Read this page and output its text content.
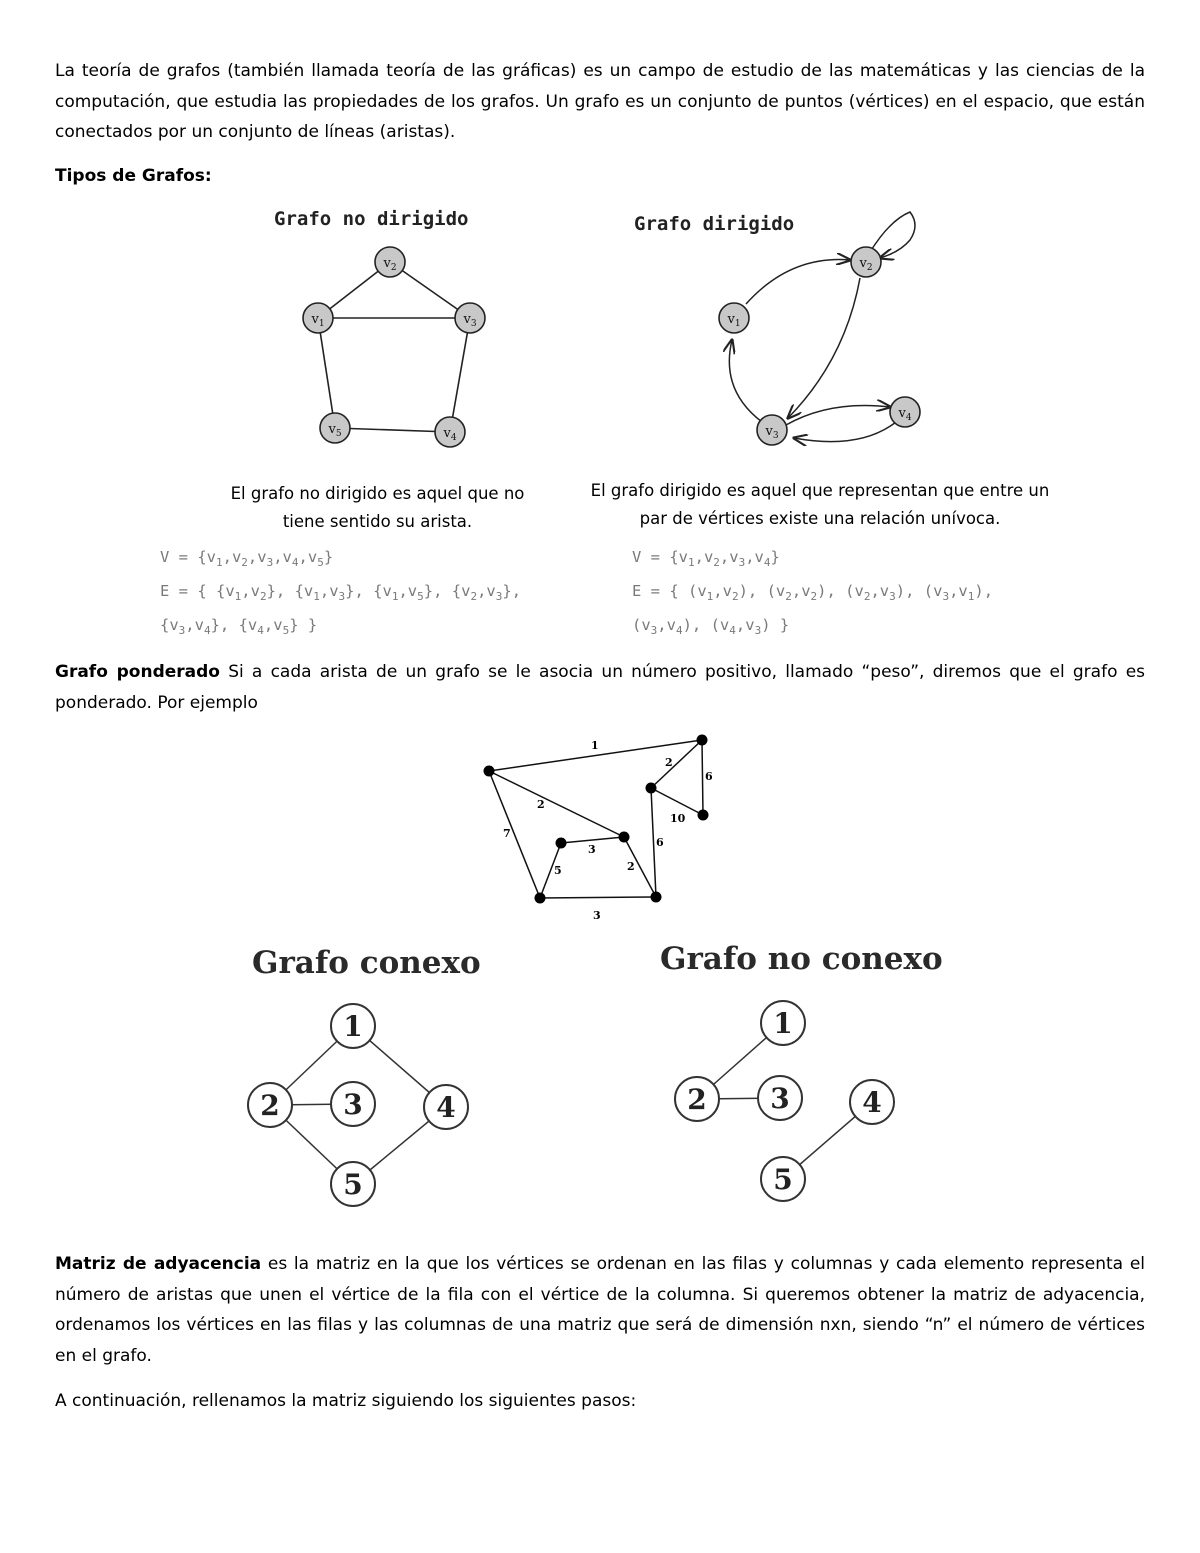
La teoría de grafos (también llamada teoría de las gráficas) es un campo de estudio de las matemáticas y las ciencias de la computación, que estudia las propiedades de los grafos. Un grafo es un conjunto de puntos (vértices) en el espacio, que están conectados por un conjunto de líneas (aristas).
Tipos de Grafos:
Grafo no dirigido
$v_1$
$v_2$
$v_3$
$v_4$
$v_5$
Grafo dirigido
$v_1$
$v_2$
$v_3$
$v_4$
El grafo no dirigido es aquel que no tiene sentido su arista.
El grafo dirigido es aquel que representan que entre un par de vértices existe una relación unívoca.
$V = \{v_1,v_2,v_3,v_4,v_5\}$
E = { $\{v_1,v_2\}$, $\{v_1,v_3\}$, $\{v_1,v_5\}$, $\{v_2,v_3\}$,
$\{v_3,v_4\}$, $\{v_4,v_5\}$ }
$V = \{v_1,v_2,v_3,v_4\}$
E = { $(v_1,v_2)$, $(v_2,v_2)$, $(v_2,v_3)$, $(v_3,v_1)$,
$(v_3,v_4)$, $(v_4,v_3)$ }
Grafo ponderado Si a cada arista de un grafo se le asocia un número positivo, llamado “peso”, diremos que el grafo es ponderado. Por ejemplo
1
2
6
2
10
7
3
6
5	2
3
Grafo conexo
1
2 3	4
5
Grafo no conexo
1
2 3	4
5
Matriz de adyacencia es la matriz en la que los vértices se ordenan en las filas y columnas y cada elemento representa el número de aristas que unen el vértice de la fila con el vértice de la columna. Si queremos obtener la matriz de adyacencia, ordenamos los vértices en las filas y las columnas de una matriz que será de dimensión nxn, siendo “n” el número de vértices en el grafo.
A continuación, rellenamos la matriz siguiendo los siguientes pasos:
